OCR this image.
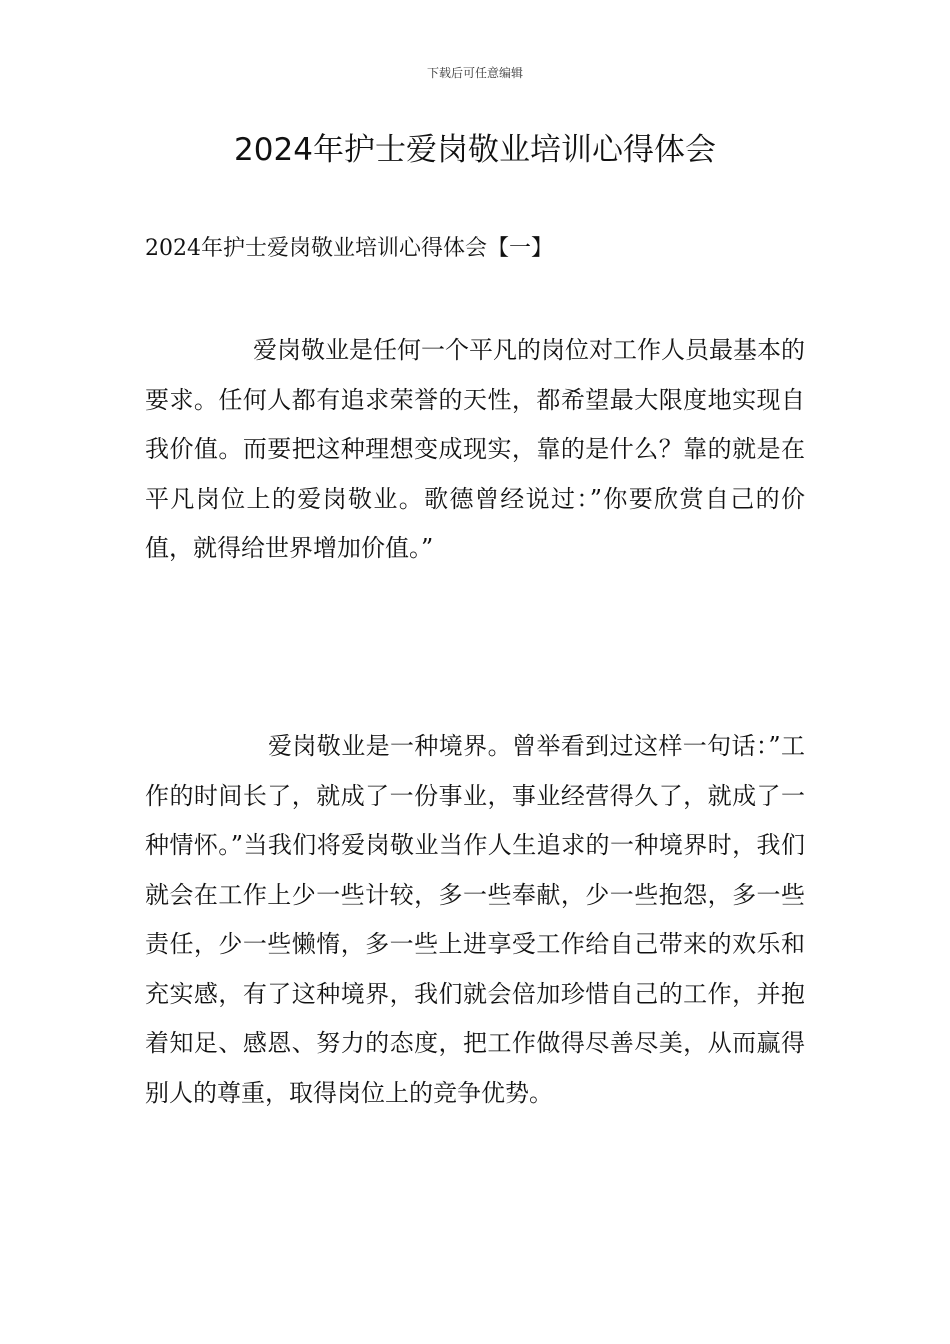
下载后可任意编辑
2024年护士爱岗敬业培训心得体会
2024年护士爱岗敬业培训心得体会【一】

爱岗敬业是任何一个平凡的岗位对工作人员最基本的要求。任何人都有追求荣誉的天性，都希望最大限度地实现自我价值。而要把这种理想变成现实，靠的是什么？靠的就是在平凡岗位上的爱岗敬业。歌德曾经说过：”你要欣赏自己的价值，就得给世界增加价值。”

爱岗敬业是一种境界。曾举看到过这样一句话：”工作的时间长了，就成了一份事业，事业经营得久了，就成了一种情怀。”当我们将爱岗敬业当作人生追求的一种境界时，我们就会在工作上少一些计较，多一些奉献，少一些抱怨，多一些责任，少一些懒惰，多一些上进享受工作给自己带来的欢乐和充实感，有了这种境界，我们就会倍加珍惜自己的工作，并抱着知足、感恩、努力的态度，把工作做得尽善尽美，从而赢得别人的尊重，取得岗位上的竞争优势。
